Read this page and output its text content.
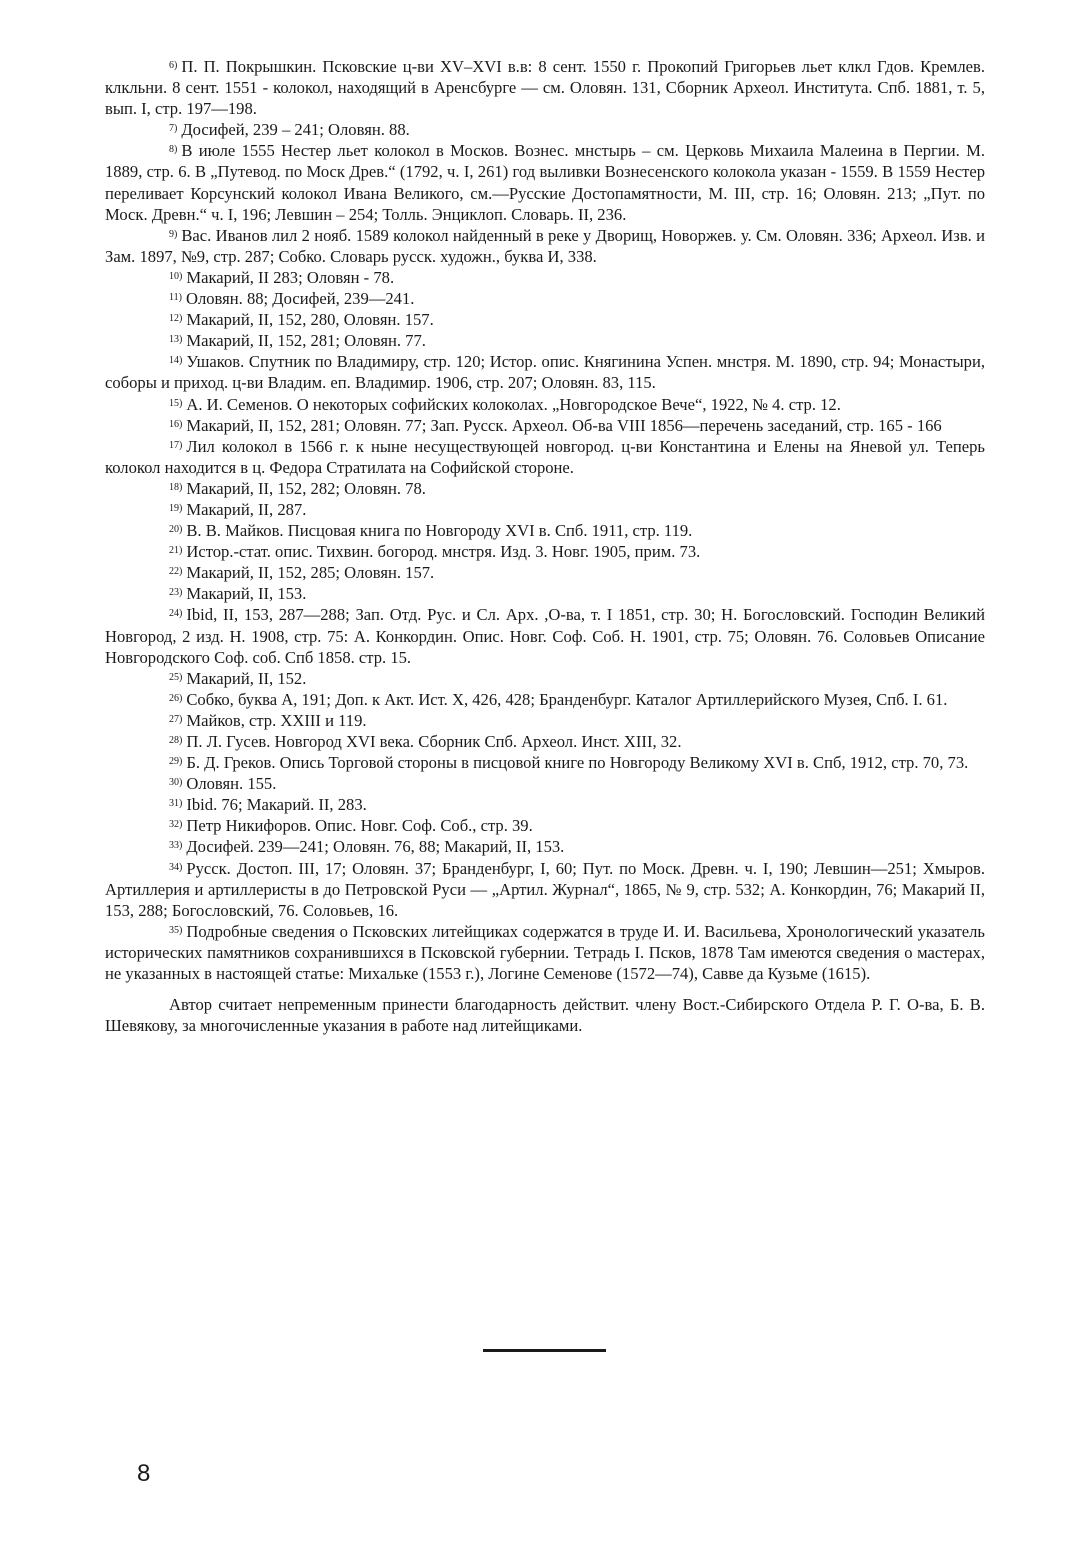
$^{6)}$ П. П. Покрышкин. Псковские ц-ви XV–XVI в.в: 8 сент. 1550 г. Прокопий Григорьев льет клкл Гдов. Кремлев. клкльни. 8 сент. 1551 - колокол, находящий в Аренсбурге — см. Оловян. 131, Сборник Археол. Института. Спб. 1881, т. 5, вып. I, стр. 197—198.

$^{7)}$ Досифей, 239 – 241; Оловян. 88.

$^{8)}$ В июле 1555 Нестер льет колокол в Москов. Вознес. мнстырь – см. Церковь Михаила Малеина в Пергии. М. 1889, стр. 6. В „Путевод. по Моск Древ.“ (1792, ч. I, 261) год выливки Вознесенского колокола указан - 1559. В 1559 Нестер переливает Корсунский колокол Ивана Великого, см.—Русские Достопамятности, М. III, стр. 16; Оловян. 213; „Пут. по Моск. Древн.“ ч. I, 196; Левшин – 254; Толль. Энциклоп. Словарь. II, 236.

$^{9)}$ Вас. Иванов лил 2 нояб. 1589 колокол найденный в реке у Дворищ, Новоржев. у. См. Оловян. 336; Археол. Изв. и Зам. 1897, №9, стр. 287; Собко. Словарь русск. художн., буква И, 338.

$^{10)}$ Макарий, II 283; Оловян - 78.

$^{11)}$ Оловян. 88; Досифей, 239—241.

$^{12)}$ Макарий, II, 152, 280, Оловян. 157.

$^{13)}$ Макарий, II, 152, 281; Оловян. 77.

$^{14)}$ Ушаков. Спутник по Владимиру, стр. 120; Истор. опис. Княгинина Успен. мнстря. М. 1890, стр. 94; Монастыри, соборы и приход. ц-ви Владим. еп. Владимир. 1906, стр. 207; Оловян. 83, 115.

$^{15)}$ А. И. Семенов. О некоторых софийских колоколах. „Новгородское Вече“, 1922, № 4. стр. 12.

$^{16)}$ Макарий, II, 152, 281; Оловян. 77; Зап. Русск. Археол. Об-ва VIII 1856—перечень заседаний, стр. 165 - 166

$^{17)}$ Лил колокол в 1566 г. к ныне несуществующей новгород. ц-ви Константина и Елены на Яневой ул. Теперь колокол находится в ц. Федора Стратилата на Софийской стороне.

$^{18)}$ Макарий, II, 152, 282; Оловян. 78.

$^{19)}$ Макарий, II, 287.

$^{20)}$ В. В. Майков. Писцовая книга по Новгороду XVI в. Спб. 1911, стр. 119.

$^{21)}$ Истор.-стат. опис. Тихвин. богород. мнстря. Изд. 3. Новг. 1905, прим. 73.

$^{22)}$ Макарий, II, 152, 285; Оловян. 157.

$^{23)}$ Макарий, II, 153.

$^{24)}$ Ibid, II, 153, 287—288; Зап. Отд. Рус. и Сл. Арх. ,О-ва, т. I 1851, стр. 30; Н. Богословский. Господин Великий Новгород, 2 изд. Н. 1908, стр. 75: А. Конкордин. Опис. Новг. Соф. Соб. Н. 1901, стр. 75; Оловян. 76. Соловьев Описание Новгородского Соф. соб. Спб 1858. стр. 15.

$^{25)}$ Макарий, II, 152.

$^{26)}$ Собко, буква А, 191; Доп. к Акт. Ист. X, 426, 428; Бранденбург. Каталог Артиллерийского Музея, Спб. I. 61.

$^{27)}$ Майков, стр. XXIII и 119.

$^{28)}$ П. Л. Гусев. Новгород XVI века. Сборник Спб. Археол. Инст. XIII, 32.

$^{29)}$ Б. Д. Греков. Опись Торговой стороны в писцовой книге по Новгороду Великому XVI в. Спб, 1912, стр. 70, 73.

$^{30)}$ Оловян. 155.

$^{31)}$ Ibid. 76; Макарий. II, 283.

$^{32)}$ Петр Никифоров. Опис. Новг. Соф. Соб., стр. 39.

$^{33)}$ Досифей. 239—241; Оловян. 76, 88; Макарий, II, 153.

$^{34)}$ Русск. Достоп. III, 17; Оловян. 37; Бранденбург, I, 60; Пут. по Моск. Древн. ч. I, 190; Левшин—251; Хмыров. Артиллерия и артиллеристы в до Петровской Руси — „Артил. Журнал“, 1865, № 9, стр. 532; А. Конкордин, 76; Макарий II, 153, 288; Богословский, 76. Соловьев, 16.

$^{35)}$ Подробные сведения о Псковских литейщиках содержатся в труде И. И. Васильева, Хронологический указатель исторических памятников сохранившихся в Псковской губернии. Тетрадь I. Псков, 1878 Там имеются сведения о мастерах, не указанных в настоящей статье: Михальке (1553 г.), Логине Семенове (1572—74), Савве да Кузьме (1615).

Автор считает непременным принести благодарность действит. члену Вост.-Сибирского Отдела Р. Г. О-ва, Б. В. Шевякову, за многочисленные указания в работе над литейщиками.

8
